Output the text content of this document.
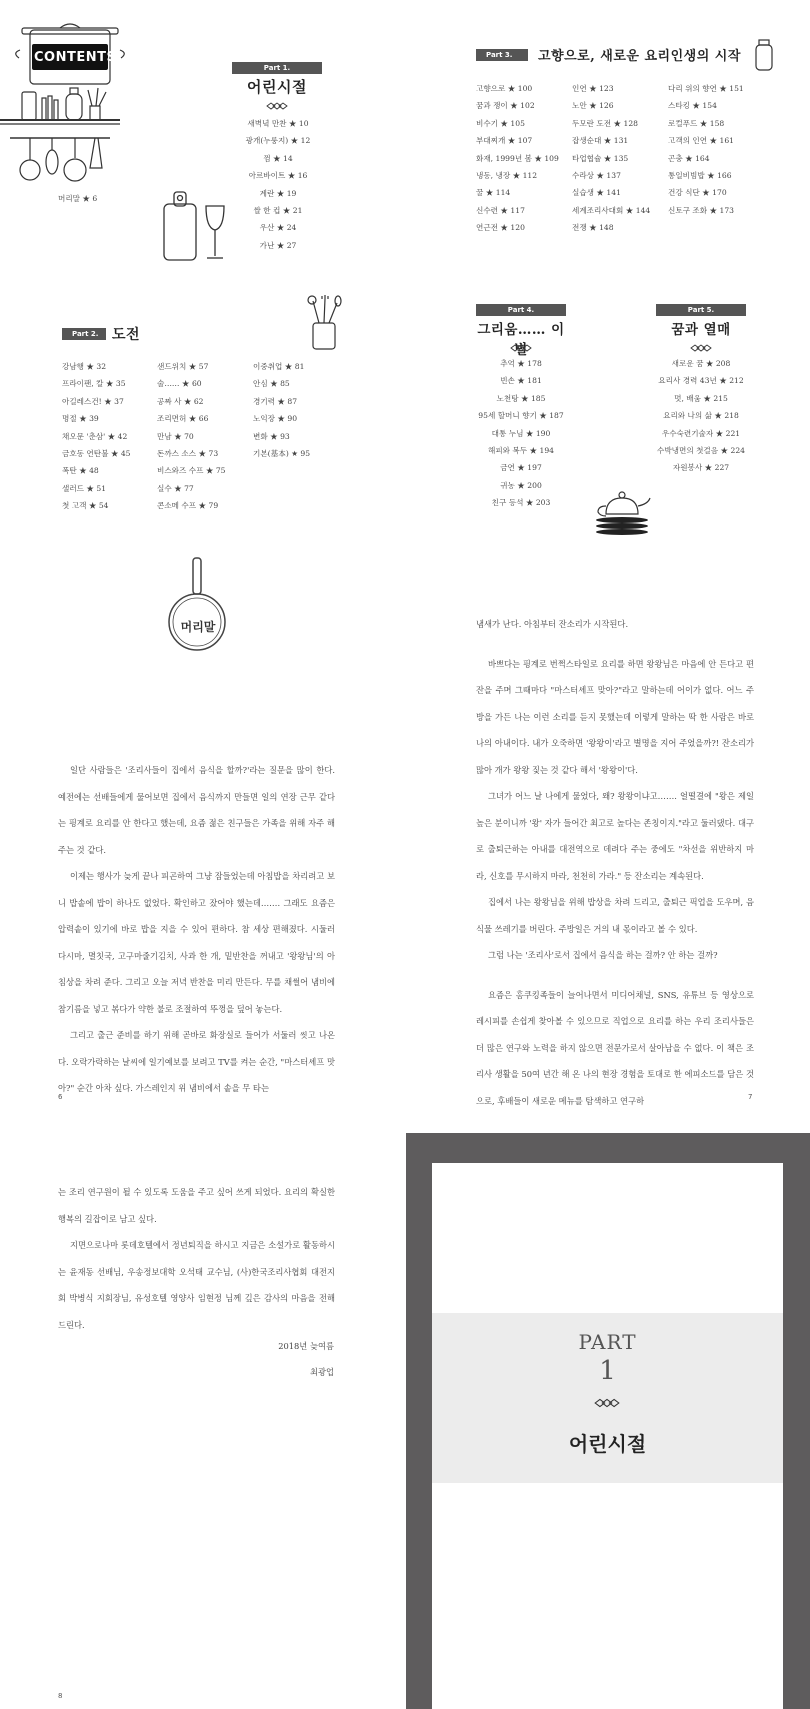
CONTENTS
머리말 ★ 6
Part 1.
어린시절
새벽녘 만찬 ★ 10
광개(누룽지) ★ 12
껌 ★ 14
아르바이트 ★ 16
계란 ★ 19
쌀 한 컵 ★ 21
우산 ★ 24
가난 ★ 27
Part 2. 도전
강남행 ★ 32
프라이팬, 칼 ★ 35
아길레스건! ★ 37
명절 ★ 39
채오문 '춘삼' ★ 42
금호동 연탄불 ★ 45
폭탄 ★ 48
샐러드 ★ 51
첫 고객 ★ 54
샌드위치 ★ 57
술…… ★ 60
공짜 사 ★ 62
조리면허 ★ 66
만남 ★ 70
돈까스 소스 ★ 73
비스와즈 수프 ★ 75
실수 ★ 77
콘소메 수프 ★ 79
이중취업 ★ 81
안심 ★ 85
경기력 ★ 87
노익장 ★ 90
변화 ★ 93
기본(基本) ★ 95
Part 3.	고향으로, 새로운 요리인생의 시작
고향으로 ★ 100
꿈과 쟁이 ★ 102
비수기 ★ 105
부대찌개 ★ 107
화재, 1999년 봄 ★ 109
냉동, 냉장 ★ 112
꿀 ★ 114
신수련 ★ 117
연근전 ★ 120
인연 ★ 123
노안 ★ 126
두모란 도전 ★ 128
잡생순대 ★ 131
타업협슐 ★ 135
수라상 ★ 137
실습생 ★ 141
세계조리사대회 ★ 144
전쟁 ★ 148
다리 위의 향연 ★ 151
스타킹 ★ 154
로컬푸드 ★ 158
고객의 인연 ★ 161
곤충 ★ 164
통일비빔밥 ★ 166
건강 식단 ★ 170
신토구 조화 ★ 173
Part 4.
그리움…… 이별
추억 ★ 178
빈손 ★ 181
노천탕 ★ 185
95세 할머니 향기 ★ 187
대통 누님 ★ 190
해피와 복두 ★ 194
금연 ★ 197
귀농 ★ 200
친구 등석 ★ 203
Part 5.
꿈과 열매
새로운 꿈 ★ 208
요리사 경력 43년 ★ 212
멋, 배움 ★ 215
요리와 나의 삶 ★ 218
우수숙련기술자 ★ 221
수박냉면의 첫걸음 ★ 224
자원봉사 ★ 227
머리말

일단 사람들은 '조리사들이 집에서 음식을 할까?'라는 질문을 많이 한다. 예전에는 선배들에게 물어보면 집에서 음식까지 만들면 일의 연장 근무 같다는 핑계로 요리를 안 한다고 했는데, 요즘 젊은 친구들은 가족을 위해 자주 해 주는 것 같다.

이제는 행사가 늦게 끝나 피곤하여 그냥 잠들었는데 아침밥을 차리려고 보니 밥솥에 밥이 하나도 없었다. 확인하고 잤어야 했는데……. 그래도 요즘은 압력솥이 있기에 바로 밥을 지을 수 있어 편하다. 참 세상 편해졌다. 시둘러 다시마, 멸칫국, 고구마줄기김치, 사과 한 개, 밑반찬을 꺼내고 '왕왕님'의 아침상을 차려 준다. 그리고 오늘 저녁 반찬을 미리 만든다. 무를 채썰어 냄비에 참기름을 넣고 볶다가 약한 불로 조절하여 뚜껑을 덮어 놓는다.

그리고 출근 준비를 하기 위해 곧바로 화장실로 들어가 서둘러 씻고 나온다. 오락가락하는 날씨에 일기예보를 보려고 TV를 켜는 순간, "마스터셰프 맛아?" 순간 아차 싶다. 가스레인지 위 냄비에서 솥을 무 타는

냄새가 난다. 아침부터 잔소리가 시작된다.

바쁘다는 핑계로 번쩍스타일로 요리를 하면 왕왕님은 마음에 안 든다고 편잔을 주며 그때마다 "마스터셰프 맞아?"라고 말하는데 어이가 없다. 어느 주방을 가든 나는 이런 소리를 듣지 못했는데 이렇게 말하는 딱 한 사람은 바로 나의 아내이다. 내가 오죽하면 '왕왕이'라고 별명을 지어 주었을까?! 잔소리가 많아 개가 왕왕 짖는 것 같다 해서 '왕왕이'다.

그녀가 어느 날 나에게 물었다, 왜? 왕왕이냐고……. 얼떨결에 "왕은 제일 높은 분이니까 '왕' 자가 들어간 최고로 높다는 존칭이지."라고 둘러댔다. 대구로 출퇴근하는 아내를 대전역으로 데려다 주는 중에도 "차선을 위반하지 마라, 신호를 무시하지 마라, 천천히 가라." 등 잔소리는 계속된다.

집에서 나는 왕왕님을 위해 밥상을 차려 드리고, 출퇴근 픽업을 도우며, 음식물 쓰레기를 버린다. 주방일은 거의 내 몫이라고 볼 수 있다.

그럼 나는 '조리사'로서 집에서 음식을 하는 걸까? 안 하는 걸까?

요즘은 홈쿠킹족들이 늘어나면서 미디어채널, SNS, 유튜브 등 영상으로 레시피를 손쉽게 찾아볼 수 있으므로 직업으로 요리를 하는 우리 조리사들은 더 많은 연구와 노력을 하지 않으면 전문가로서 살아남을 수 없다. 이 책은 조리사 생활을 50여 년간 해 온 나의 현장 경험을 토대로 한 에피소드를 담은 것으로, 후배들이 새로운 메뉴를 탐색하고 연구하

6	7

는 조리 연구원이 될 수 있도록 도움을 주고 싶어 쓰게 되었다. 요리의 확실한 행복의 길잡이로 남고 싶다.

지면으로나마 롯데호텔에서 정년퇴직을 하시고 지금은 소설가로 활동하시는 윤재동 선배님, 우송정보대학 오석태 교수님, (사)한국조리사협회 대전지회 박병식 지회장님, 유성호텔 영양사 임현정 님께 깊은 감사의 마음을 전해 드린다.

2018년 늦여름
최광업
8
PART
1
어린시절
